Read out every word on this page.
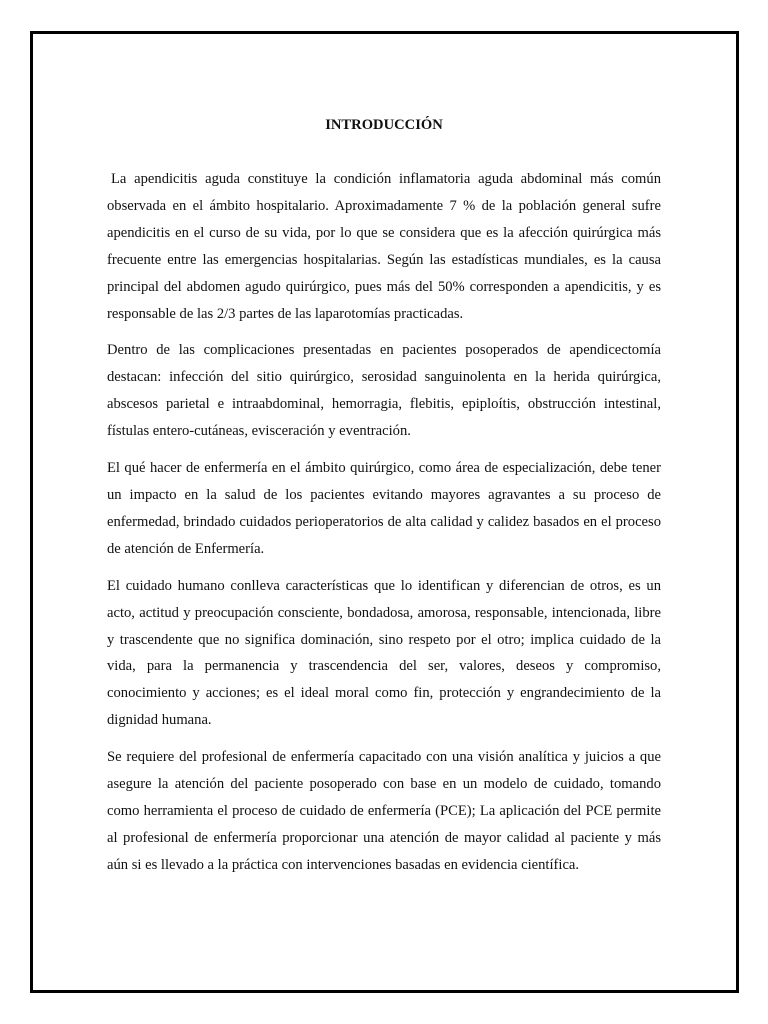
INTRODUCCIÓN

La apendicitis aguda constituye la condición inflamatoria aguda abdominal más común observada en el ámbito hospitalario. Aproximadamente 7 % de la población general sufre apendicitis en el curso de su vida, por lo que se considera que es la afección quirúrgica más frecuente entre las emergencias hospitalarias. Según las estadísticas mundiales, es la causa principal del abdomen agudo quirúrgico, pues más del 50% corresponden a apendicitis, y es responsable de las 2/3 partes de las laparotomías practicadas.

Dentro de las complicaciones presentadas en pacientes posoperados de apendicectomía destacan: infección del sitio quirúrgico, serosidad sanguinolenta en la herida quirúrgica, abscesos parietal e intraabdominal, hemorragia, flebitis, epiploítis, obstrucción intestinal, fístulas entero-cutáneas, evisceración y eventración.

El qué hacer de enfermería en el ámbito quirúrgico, como área de especialización, debe tener un impacto en la salud de los pacientes evitando mayores agravantes a su proceso de enfermedad, brindado cuidados perioperatorios de alta calidad y calidez basados en el proceso de atención de Enfermería.

El cuidado humano conlleva características que lo identifican y diferencian de otros, es un acto, actitud y preocupación consciente, bondadosa, amorosa, responsable, intencionada, libre y trascendente que no significa dominación, sino respeto por el otro; implica cuidado de la vida, para la permanencia y trascendencia del ser, valores, deseos y compromiso, conocimiento y acciones; es el ideal moral como fin, protección y engrandecimiento de la dignidad humana.

Se requiere del profesional de enfermería capacitado con una visión analítica y juicios a que asegure la atención del paciente posoperado con base en un modelo de cuidado, tomando como herramienta el proceso de cuidado de enfermería (PCE); La aplicación del PCE permite al profesional de enfermería proporcionar una atención de mayor calidad al paciente y más aún si es llevado a la práctica con intervenciones basadas en evidencia científica.
